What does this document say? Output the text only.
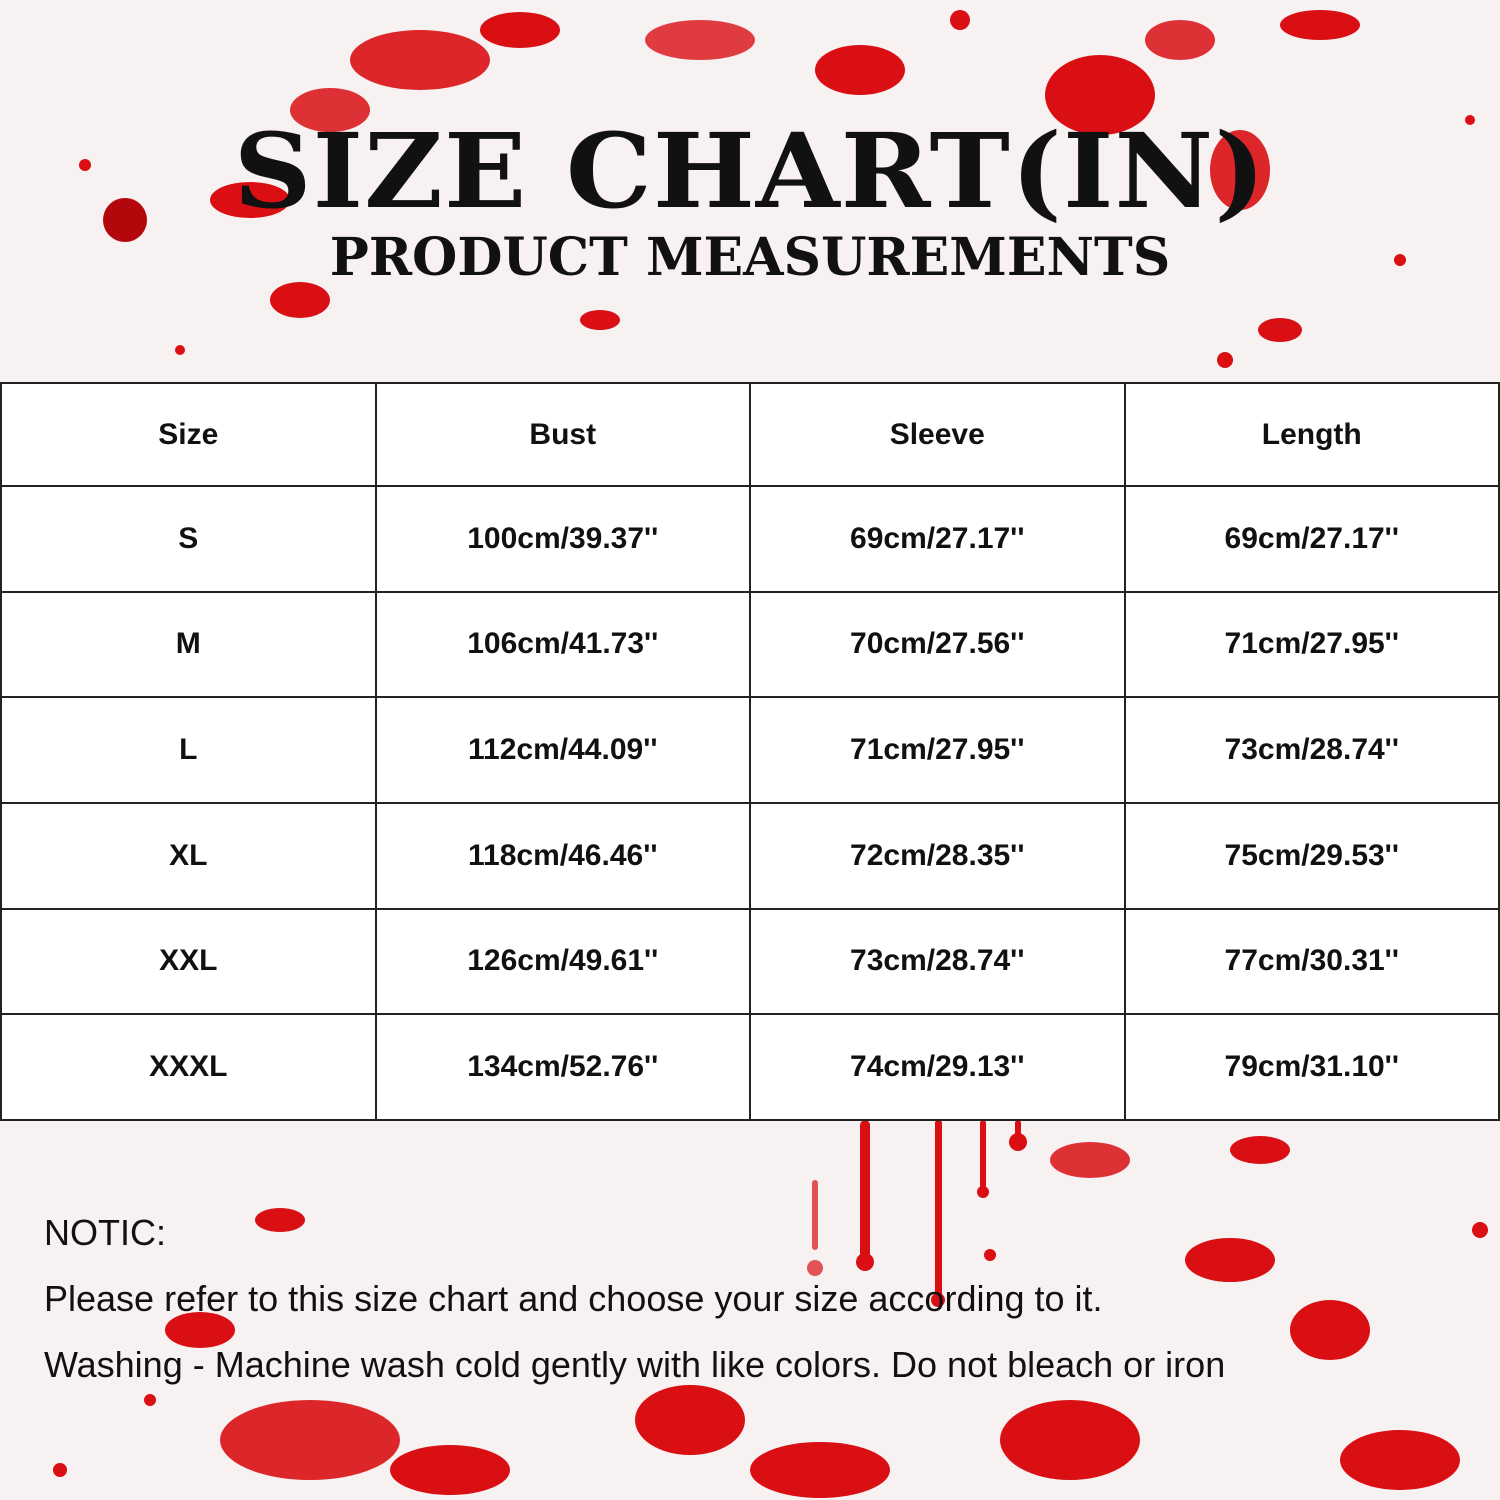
SIZE CHART(IN)
PRODUCT MEASUREMENTS
Size	Bust	Sleeve	Length
S	100cm/39.37''	69cm/27.17''	69cm/27.17''
M	106cm/41.73''	70cm/27.56''	71cm/27.95''
L	112cm/44.09''	71cm/27.95''	73cm/28.74''
XL	118cm/46.46''	72cm/28.35''	75cm/29.53''
XXL	126cm/49.61''	73cm/28.74''	77cm/30.31''
XXXL	134cm/52.76''	74cm/29.13''	79cm/31.10''

NOTIC:

Please refer to this size chart and choose your size according to it.

Washing - Machine wash cold gently with like colors. Do not bleach or iron
